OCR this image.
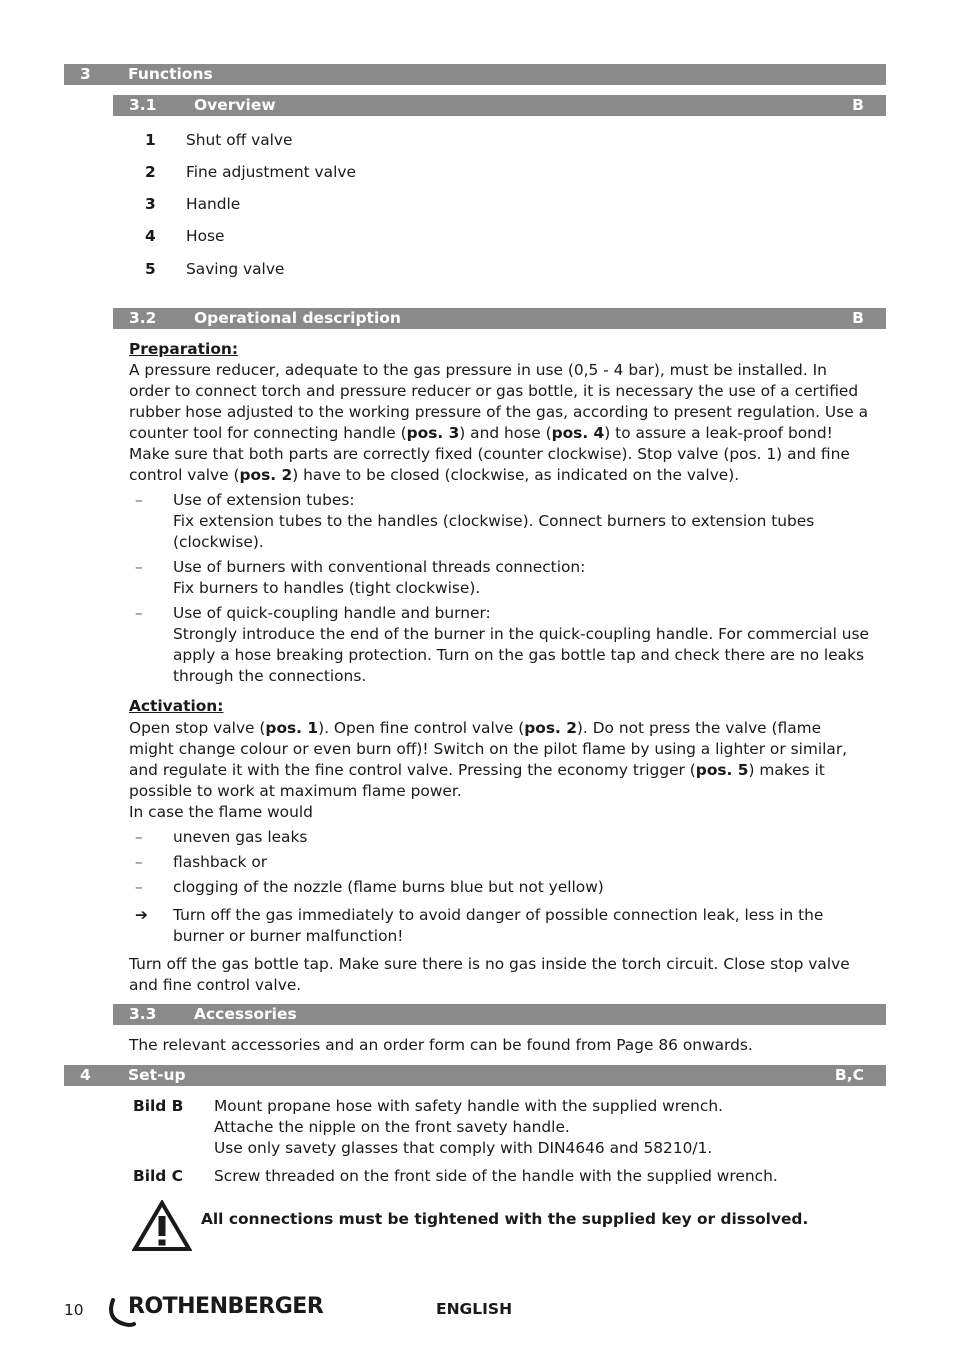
3 Functions
3.1 Overview	B
1 Shut off valve
2 Fine adjustment valve
3 Handle
4 Hose
5 Saving valve
3.2 Operational description	B

Preparation:

A pressure reducer, adequate to the gas pressure in use (0,5 - 4 bar), must be installed. In order to connect torch and pressure reducer or gas bottle, it is necessary the use of a certified rubber hose adjusted to the working pressure of the gas, according to present regulation. Use a counter tool for connecting handle (pos. 3) and hose (pos. 4) to assure a leak-proof bond! Make sure that both parts are correctly fixed (counter clockwise). Stop valve (pos. 1) and fine control valve (pos. 2) have to be closed (clockwise, as indicated on the valve).

– Use of extension tubes:
Fix extension tubes to the handles (clockwise). Connect burners to extension tubes (clockwise).
– Use of burners with conventional threads connection:
Fix burners to handles (tight clockwise).
– Use of quick-coupling handle and burner:
Strongly introduce the end of the burner in the quick-coupling handle. For commercial use apply a hose breaking protection. Turn on the gas bottle tap and check there are no leaks through the connections.

Activation:

Open stop valve (pos. 1). Open fine control valve (pos. 2). Do not press the valve (flame might change colour or even burn off)! Switch on the pilot flame by using a lighter or similar, and regulate it with the fine control valve. Pressing the economy trigger (pos. 5) makes it possible to work at maximum flame power.

In case the flame would

– uneven gas leaks
– flashback or
– clogging of the nozzle (flame burns blue but not yellow)
➔ Turn off the gas immediately to avoid danger of possible connection leak, less in the burner or burner malfunction!

Turn off the gas bottle tap. Make sure there is no gas inside the torch circuit. Close stop valve and fine control valve.

3.3 Accessories
The relevant accessories and an order form can be found from Page 86 onwards.
4 Set-up	B,C
Bild B Mount propane hose with safety handle with the supplied wrench.
Attache the nipple on the front savety handle.
Use only savety glasses that comply with DIN4646 and 58210/1.
Bild C Screw threaded on the front side of the handle with the supplied wrench.
All connections must be tightened with the supplied key or dissolved.
10 ROTHENBERGER	ENGLISH
